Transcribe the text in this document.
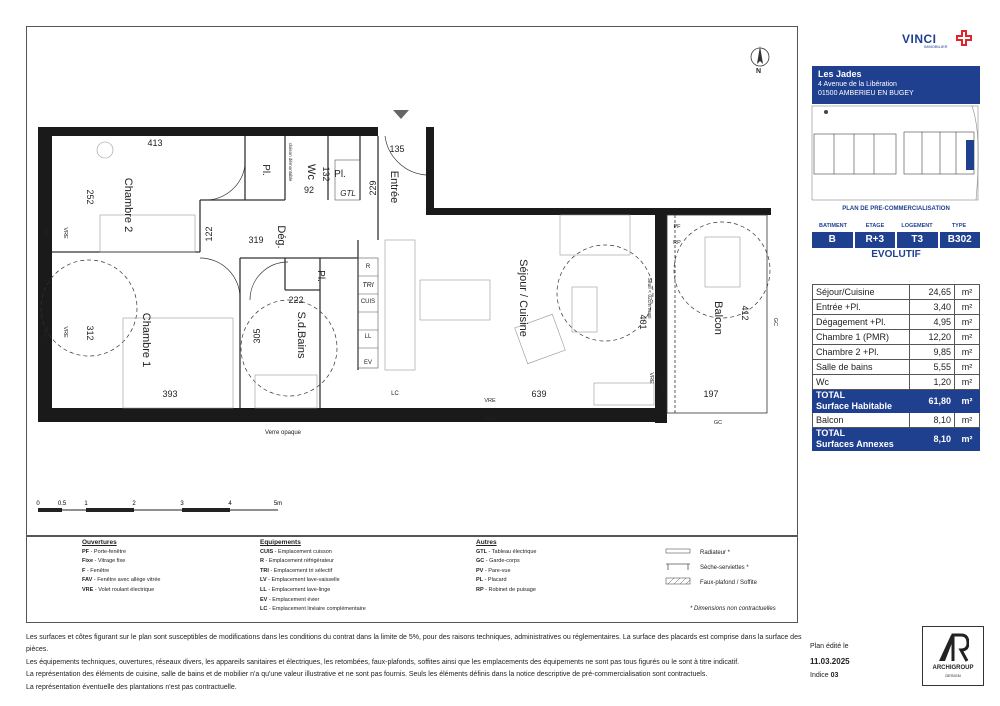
VINCI
IMMOBILIER
N	Les Jades
4 Avenue de la Libération
01500 AMBERIEU EN BUGEY
PLAN DE PRE-COMMERCIALISATION
BATIMENT	ETAGE	LOGEMENT	TYPE
B	R+3	T3	B302
EVOLUTIF
Séjour/Cuisine	24,65	m²
Entrée +Pl.	3,40	m²
Dégagement +Pl.	4,95	m²
Chambre 1 (PMR)	12,20	m²
Chambre 2 +Pl.	9,85	m²
Salle de bains	5,55	m²
Wc	1,20	m²
TOTAL
Surface Habitable	61,80	m²
Balcon	8,10	m²
TOTAL
Surfaces Annexes	8,10	m²
Chambre 2
Chambre 1
Séjour / Cuisine	Balcon
S.d.Bains
Entrée
Dég.
Wc
Pl.	Pl.
Pl.
GTL
R
TRI
CUIS
LL
EV
LC
Verre opaque
cloison démontable
Seuil < 02cm maxi
413
252
122	319
132
92
135
229
222
305
312
393	639
401
412
197
FAV	VRE
FAV	VRE
FAV
VRE
FAV
VRE
PF
RP
GC
GC
0	0.5	1	2	3	4	5m
Ouvertures
PF - Porte-fenêtre
Fixe - Vitrage fixe
F - Fenêtre
FAV - Fenêtre avec allège vitrée
VRE - Volet roulant électrique
Equipements
CUIS - Emplacement cuisson
R - Emplacement réfrigérateur
TRI - Emplacement tri sélectif
LV - Emplacement lave-vaisselle
LL - Emplacement lave-linge
EV - Emplacement évier
LC - Emplacement linéaire complémentaire
Autres
GTL - Tableau électrique
GC - Garde-corps
PV - Pare-vue
PL - Placard
RP - Robinet de puisage
Radiateur *
Sèche-serviettes *
Faux-plafond / Soffite
* Dimensions non contractuelles
Les surfaces et côtes figurant sur le plan sont susceptibles de modifications dans les conditions du contrat dans la limite de 5%, pour des raisons techniques, administratives ou réglementaires. La surface des placards est comprise dans la surface des pièces.
Les équipements techniques, ouvertures, réseaux divers, les appareils sanitaires et électriques, les retombées, faux-plafonds, soffites ainsi que les emplacements des équipements ne sont pas tous figurés ou le sont à titre indicatif.
La représentation des éléments de cuisine, salle de bains et de mobilier n'a qu'une valeur illustrative et ne sont pas fournis. Seuls les éléments définis dans la notice descriptive de pré-commercialisation sont contractuels.
La représentation éventuelle des plantations n'est pas contractuelle.
Plan édité le
11.03.2025
Indice 03
ARCHIGROUP
DESIGN
